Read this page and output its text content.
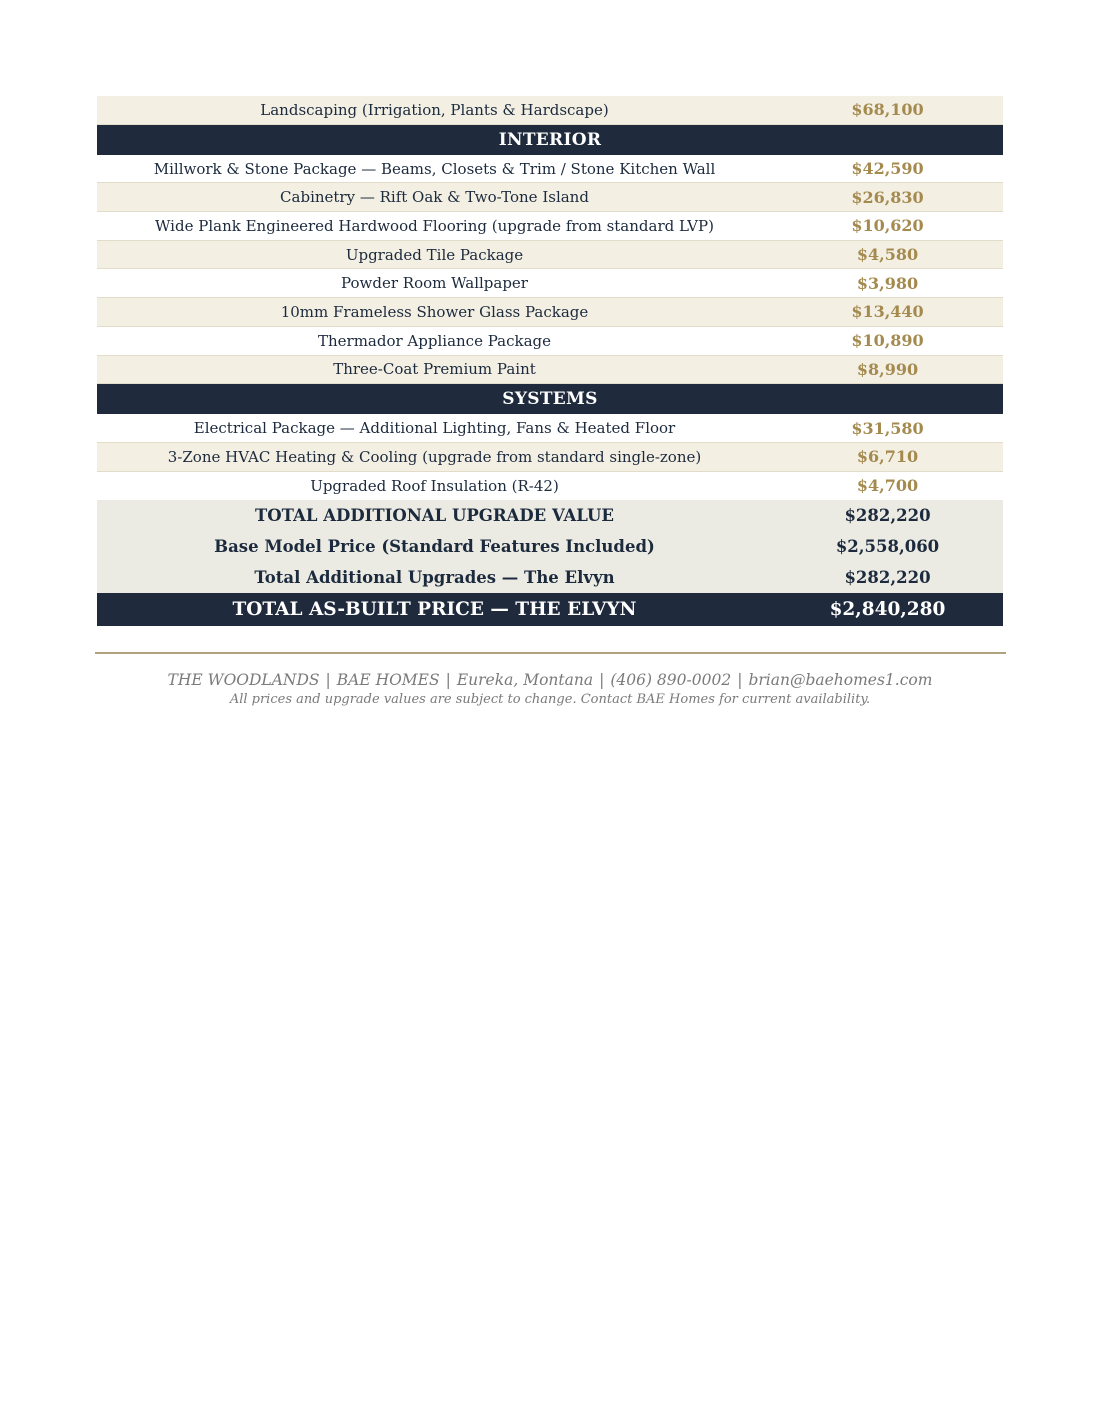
Landscaping (Irrigation, Plants & Hardscape)	$68,100
INTERIOR
Millwork & Stone Package — Beams, Closets & Trim / Stone Kitchen Wall	$42,590
Cabinetry — Rift Oak & Two-Tone Island	$26,830
Wide Plank Engineered Hardwood Flooring (upgrade from standard LVP)	$10,620
Upgraded Tile Package	$4,580
Powder Room Wallpaper	$3,980
10mm Frameless Shower Glass Package	$13,440
Thermador Appliance Package	$10,890
Three-Coat Premium Paint	$8,990
SYSTEMS
Electrical Package — Additional Lighting, Fans & Heated Floor	$31,580
3-Zone HVAC Heating & Cooling (upgrade from standard single-zone)	$6,710
Upgraded Roof Insulation (R-42)	$4,700
TOTAL ADDITIONAL UPGRADE VALUE	$282,220
Base Model Price (Standard Features Included)	$2,558,060
Total Additional Upgrades — The Elvyn	$282,220
TOTAL AS-BUILT PRICE — THE ELVYN	$2,840,280
THE WOODLANDS | BAE HOMES | Eureka, Montana | (406) 890-0002 | brian@baehomes1.com
All prices and upgrade values are subject to change. Contact BAE Homes for current availability.
